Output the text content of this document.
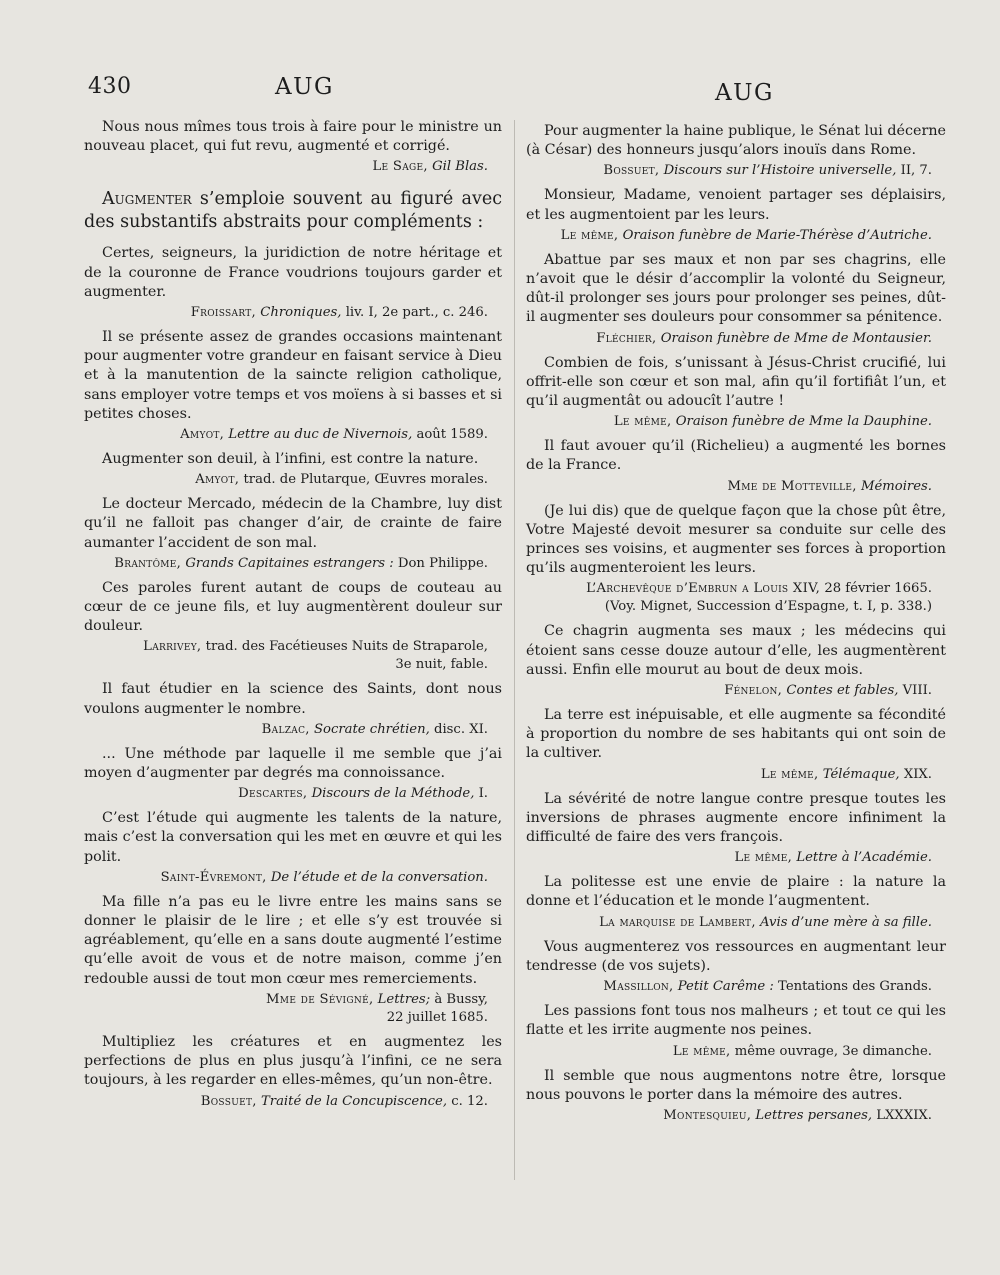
430	AUG	AUG

Nous nous mîmes tous trois à faire pour le ministre un nouveau placet, qui fut revu, augmenté et corrigé.

Le Sage, Gil Blas.

Augmenter s’emploie souvent au figuré avec des substantifs abstraits pour compléments :

Certes, seigneurs, la juridiction de notre héritage et de la couronne de France voudrions toujours garder et augmenter.

Froissart, Chroniques, liv. I, 2e part., c. 246.

Il se présente assez de grandes occasions maintenant pour augmenter votre grandeur en faisant service à Dieu et à la manutention de la saincte religion catholique, sans employer votre temps et vos moïens à si basses et si petites choses.

Amyot, Lettre au duc de Nivernois, août 1589.

Augmenter son deuil, à l’infini, est contre la nature.

Amyot, trad. de Plutarque, Œuvres morales.

Le docteur Mercado, médecin de la Chambre, luy dist qu’il ne falloit pas changer d’air, de crainte de faire aumanter l’accident de son mal.

Brantôme, Grands Capitaines estrangers : Don Philippe.

Ces paroles furent autant de coups de couteau au cœur de ce jeune fils, et luy augmentèrent douleur sur douleur.

Larrivey, trad. des Facétieuses Nuits de Straparole,

3e nuit, fable.

Il faut étudier en la science des Saints, dont nous voulons augmenter le nombre.

Balzac, Socrate chrétien, disc. XI.

... Une méthode par laquelle il me semble que j’ai moyen d’augmenter par degrés ma connoissance.

Descartes, Discours de la Méthode, I.

C’est l’étude qui augmente les talents de la nature, mais c’est la conversation qui les met en œuvre et qui les polit.

Saint-Évremont, De l’étude et de la conversation.

Ma fille n’a pas eu le livre entre les mains sans se donner le plaisir de le lire ; et elle s’y est trouvée si agréablement, qu’elle en a sans doute augmenté l’estime qu’elle avoit de vous et de notre maison, comme j’en redouble aussi de tout mon cœur mes remerciements.

Mme de Sévigné, Lettres; à Bussy,

22 juillet 1685.

Multipliez les créatures et en augmentez les perfections de plus en plus jusqu’à l’infini, ce ne sera toujours, à les regarder en elles-mêmes, qu’un non-être.

Bossuet, Traité de la Concupiscence, c. 12.

Pour augmenter la haine publique, le Sénat lui décerne (à César) des honneurs jusqu’alors inouïs dans Rome.

Bossuet, Discours sur l’Histoire universelle, II, 7.

Monsieur, Madame, venoient partager ses déplaisirs, et les augmentoient par les leurs.

Le même, Oraison funèbre de Marie-Thérèse d’Autriche.

Abattue par ses maux et non par ses chagrins, elle n’avoit que le désir d’accomplir la volonté du Seigneur, dût-il prolonger ses jours pour prolonger ses peines, dût-il augmenter ses douleurs pour consommer sa pénitence.

Fléchier, Oraison funèbre de Mme de Montausier.

Combien de fois, s’unissant à Jésus-Christ crucifié, lui offrit-elle son cœur et son mal, afin qu’il fortifiât l’un, et qu’il augmentât ou adoucît l’autre !

Le même, Oraison funèbre de Mme la Dauphine.

Il faut avouer qu’il (Richelieu) a augmenté les bornes de la France.

Mme de Motteville, Mémoires.

(Je lui dis) que de quelque façon que la chose pût être, Votre Majesté devoit mesurer sa conduite sur celle des princes ses voisins, et augmenter ses forces à proportion qu’ils augmenteroient les leurs.

L’Archevêque d’Embrun a Louis XIV, 28 février 1665.

(Voy. Mignet, Succession d’Espagne, t. I, p. 338.)

Ce chagrin augmenta ses maux ; les médecins qui étoient sans cesse douze autour d’elle, les augmentèrent aussi. Enfin elle mourut au bout de deux mois.

Fénelon, Contes et fables, VIII.

La terre est inépuisable, et elle augmente sa fécondité à proportion du nombre de ses habitants qui ont soin de la cultiver.

Le même, Télémaque, XIX.

La sévérité de notre langue contre presque toutes les inversions de phrases augmente encore infiniment la difficulté de faire des vers françois.

Le même, Lettre à l’Académie.

La politesse est une envie de plaire : la nature la donne et l’éducation et le monde l’augmentent.

La marquise de Lambert, Avis d’une mère à sa fille.

Vous augmenterez vos ressources en augmentant leur tendresse (de vos sujets).

Massillon, Petit Carême : Tentations des Grands.

Les passions font tous nos malheurs ; et tout ce qui les flatte et les irrite augmente nos peines.

Le même, même ouvrage, 3e dimanche.

Il semble que nous augmentons notre être, lorsque nous pouvons le porter dans la mémoire des autres.

Montesquieu, Lettres persanes, LXXXIX.
